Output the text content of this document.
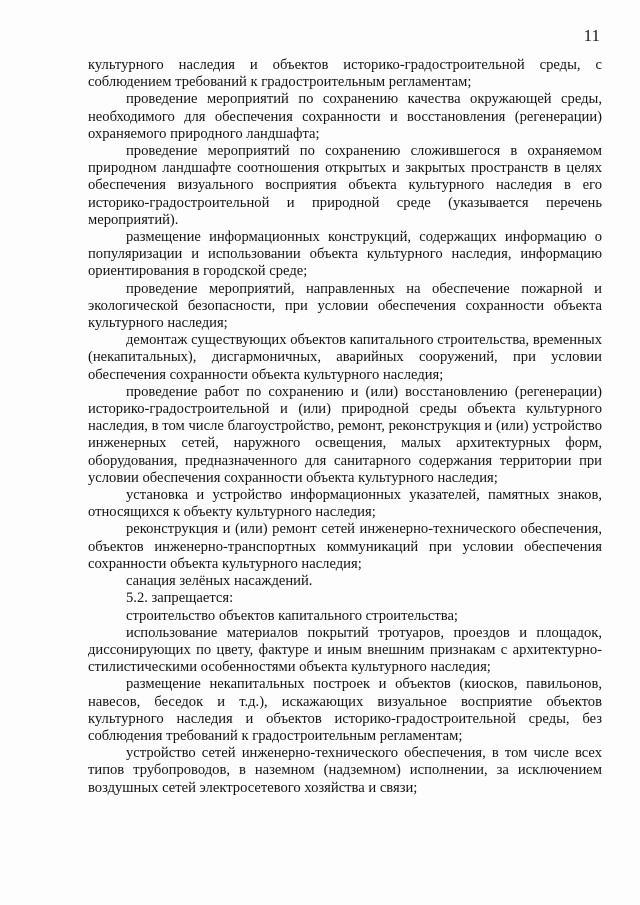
11

культурного наследия и объектов историко-градостроительной среды, с соблюдением требований к градостроительным регламентам;

проведение мероприятий по сохранению качества окружающей среды, необходимого для обеспечения сохранности и восстановления (регенерации) охраняемого природного ландшафта;

проведение мероприятий по сохранению сложившегося в охраняемом природном ландшафте соотношения открытых и закрытых пространств в целях обеспечения визуального восприятия объекта культурного наследия в его историко-градостроительной и природной среде (указывается перечень мероприятий).

размещение информационных конструкций, содержащих информацию о популяризации и использовании объекта культурного наследия, информацию ориентирования в городской среде;

проведение мероприятий, направленных на обеспечение пожарной и экологической безопасности, при условии обеспечения сохранности объекта культурного наследия;

демонтаж существующих объектов капитального строительства, временных (некапитальных), дисгармоничных, аварийных сооружений, при условии обеспечения сохранности объекта культурного наследия;

проведение работ по сохранению и (или) восстановлению (регенерации) историко-градостроительной и (или) природной среды объекта культурного наследия, в том числе благоустройство, ремонт, реконструкция и (или) устройство инженерных сетей, наружного освещения, малых архитектурных форм, оборудования, предназначенного для санитарного содержания территории при условии обеспечения сохранности объекта культурного наследия;

установка и устройство информационных указателей, памятных знаков, относящихся к объекту культурного наследия;

реконструкция и (или) ремонт сетей инженерно-технического обеспечения, объектов инженерно-транспортных коммуникаций при условии обеспечения сохранности объекта культурного наследия;

санация зелёных насаждений.

5.2. запрещается:

строительство объектов капитального строительства;

использование материалов покрытий тротуаров, проездов и площадок, диссонирующих по цвету, фактуре и иным внешним признакам с архитектурно-стилистическими особенностями объекта культурного наследия;

размещение некапитальных построек и объектов (киосков, павильонов, навесов, беседок и т.д.), искажающих визуальное восприятие объектов культурного наследия и объектов историко-градостроительной среды, без соблюдения требований к градостроительным регламентам;

устройство сетей инженерно-технического обеспечения, в том числе всех типов трубопроводов, в наземном (надземном) исполнении, за исключением воздушных сетей электросетевого хозяйства и связи;
